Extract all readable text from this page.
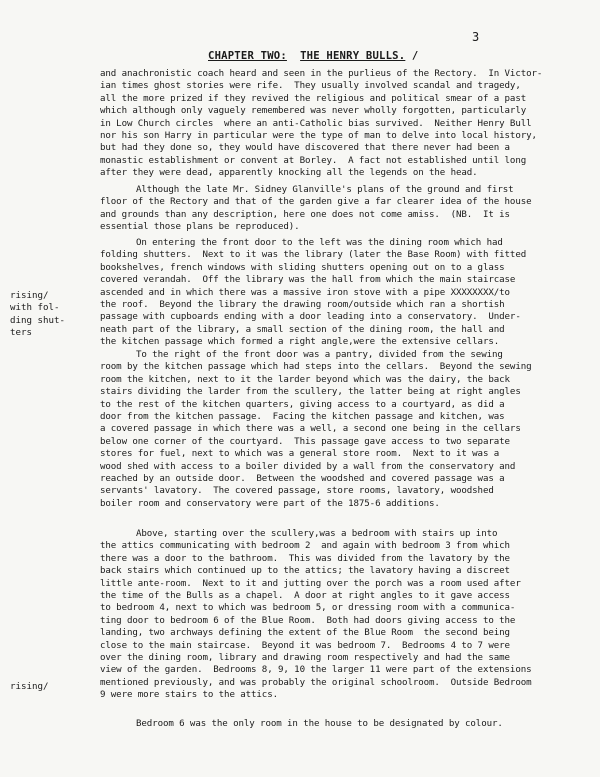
3
CHAPTER TWO: THE HENRY BULLS. /
and anachronistic coach heard and seen in the purlieus of the Rectory.  In Victor-
ian times ghost stories were rife.  They usually involved scandal and tragedy,
all the more prized if they revived the religious and political smear of a past
which although only vaguely remembered was never wholly forgotten, particularly
in Low Church circles  where an anti-Catholic bias survived.  Neither Henry Bull
nor his son Harry in particular were the type of man to delve into local history,
but had they done so, they would have discovered that there never had been a
monastic establishment or convent at Borley.  A fact not established until long
after they were dead, apparently knocking all the legends on the head.
Although the late Mr. Sidney Glanville's plans of the ground and first
floor of the Rectory and that of the garden give a far clearer idea of the house
and grounds than any description, here one does not come amiss.  (NB.  It is
essential those plans be reproduced).
On entering the front door to the left was the dining room which had
folding shutters.  Next to it was the library (later the Base Room) with fitted
bookshelves, french windows with sliding shutters opening out on to a glass
covered verandah.  Off the library was the hall from which the main staircase
ascended and in which there was a massive iron stove with a pipe XXXXXXXX/to
the roof.  Beyond the library the drawing room/outside which ran a shortish
passage with cupboards ending with a door leading into a conservatory.  Under-
neath part of the library, a small section of the dining room, the hall and
the kitchen passage which formed a right angle,were the extensive cellars.
rising/
with fol-
ding shut-
ters
To the right of the front door was a pantry, divided from the sewing
room by the kitchen passage which had steps into the cellars.  Beyond the sewing
room the kitchen, next to it the larder beyond which was the dairy, the back
stairs dividing the larder from the scullery, the latter being at right angles
to the rest of the kitchen quarters, giving access to a courtyard, as did a
door from the kitchen passage.  Facing the kitchen passage and kitchen, was
a covered passage in which there was a well, a second one being in the cellars
below one corner of the courtyard.  This passage gave access to two separate
stores for fuel, next to which was a general store room.  Next to it was a
wood shed with access to a boiler divided by a wall from the conservatory and
reached by an outside door.  Between the woodshed and covered passage was a
servants' lavatory.  The covered passage, store rooms, lavatory, woodshed
boiler room and conservatory were part of the 1875-6 additions.
Above, starting over the scullery,was a bedroom with stairs up into
the attics communicating with bedroom 2  and again with bedroom 3 from which
there was a door to the bathroom.  This was divided from the lavatory by the
back stairs which continued up to the attics; the lavatory having a discreet
little ante-room.  Next to it and jutting over the porch was a room used after
the time of the Bulls as a chapel.  A door at right angles to it gave access
to bedroom 4, next to which was bedroom 5, or dressing room with a communica-
ting door to bedroom 6 of the Blue Room.  Both had doors giving access to the
landing, two archways defining the extent of the Blue Room  the second being
close to the main staircase.  Beyond it was bedroom 7.  Bedrooms 4 to 7 were
over the dining room, library and drawing room respectively and had the same
view of the garden.  Bedrooms 8, 9, 10 the larger 11 were part of the extensions
mentioned previously, and was probably the original schoolroom.  Outside Bedroom
9 were more stairs to the attics.
rising/
Bedroom 6 was the only room in the house to be designated by colour.
